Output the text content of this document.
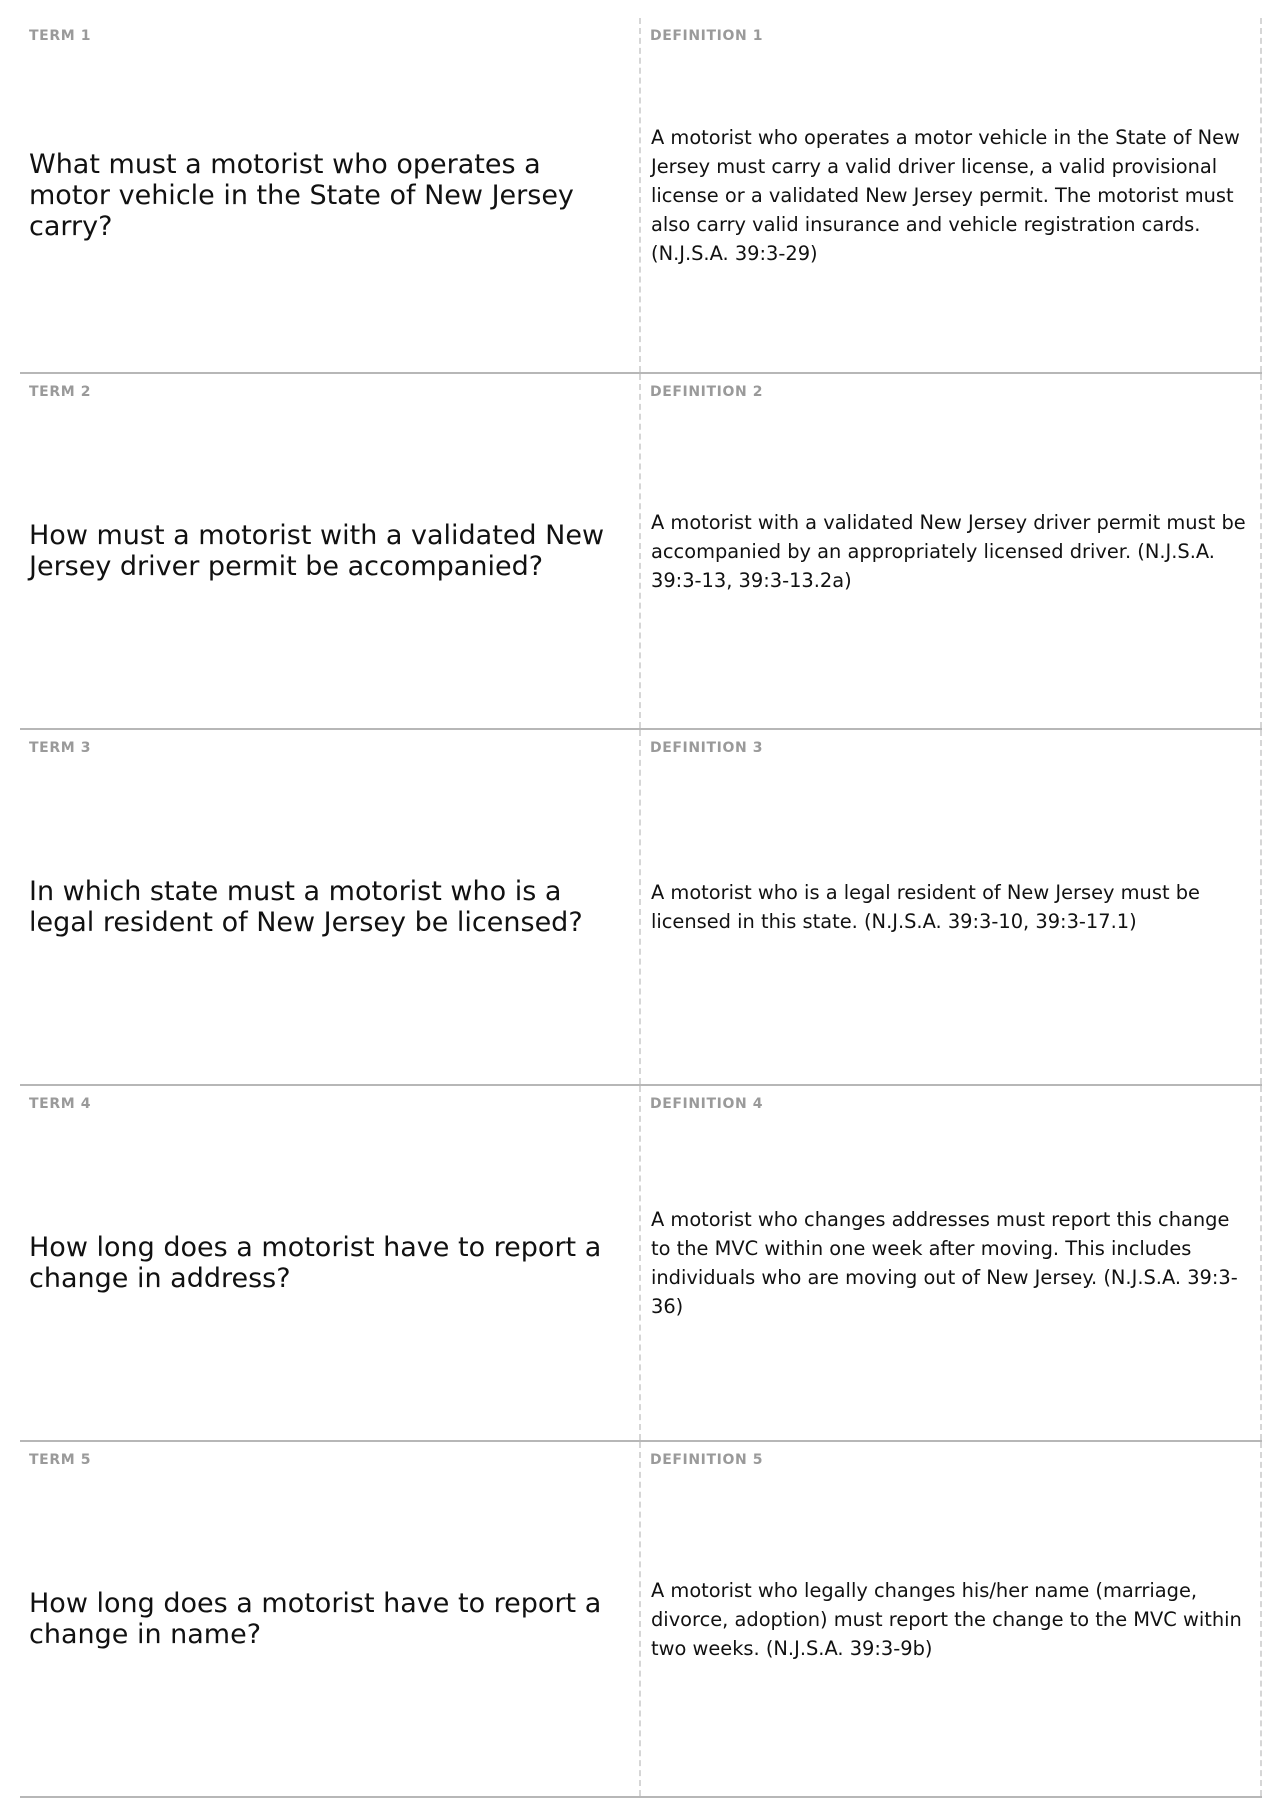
TERM 1
What must a motorist who operates a motor vehicle in the State of New Jersey carry?
DEFINITION 1
A motorist who operates a motor vehicle in the State of New Jersey must carry a valid driver license, a valid provisional license or a validated New Jersey permit. The motorist must also carry valid insurance and vehicle registration cards. (N.J.S.A. 39:3-29)
TERM 2
How must a motorist with a validated New Jersey driver permit be accompanied?
DEFINITION 2
A motorist with a validated New Jersey driver permit must be accompanied by an appropriately licensed driver. (N.J.S.A. 39:3-13, 39:3-13.2a)
TERM 3
In which state must a motorist who is a legal resident of New Jersey be licensed?
DEFINITION 3
A motorist who is a legal resident of New Jersey must be licensed in this state. (N.J.S.A. 39:3-10, 39:3-17.1)
TERM 4
How long does a motorist have to report a change in address?
DEFINITION 4
A motorist who changes addresses must report this change to the MVC within one week after moving. This includes individuals who are moving out of New Jersey. (N.J.S.A. 39:3-36)
TERM 5
How long does a motorist have to report a change in name?
DEFINITION 5
A motorist who legally changes his/her name (marriage, divorce, adoption) must report the change to the MVC within two weeks. (N.J.S.A. 39:3-9b)
